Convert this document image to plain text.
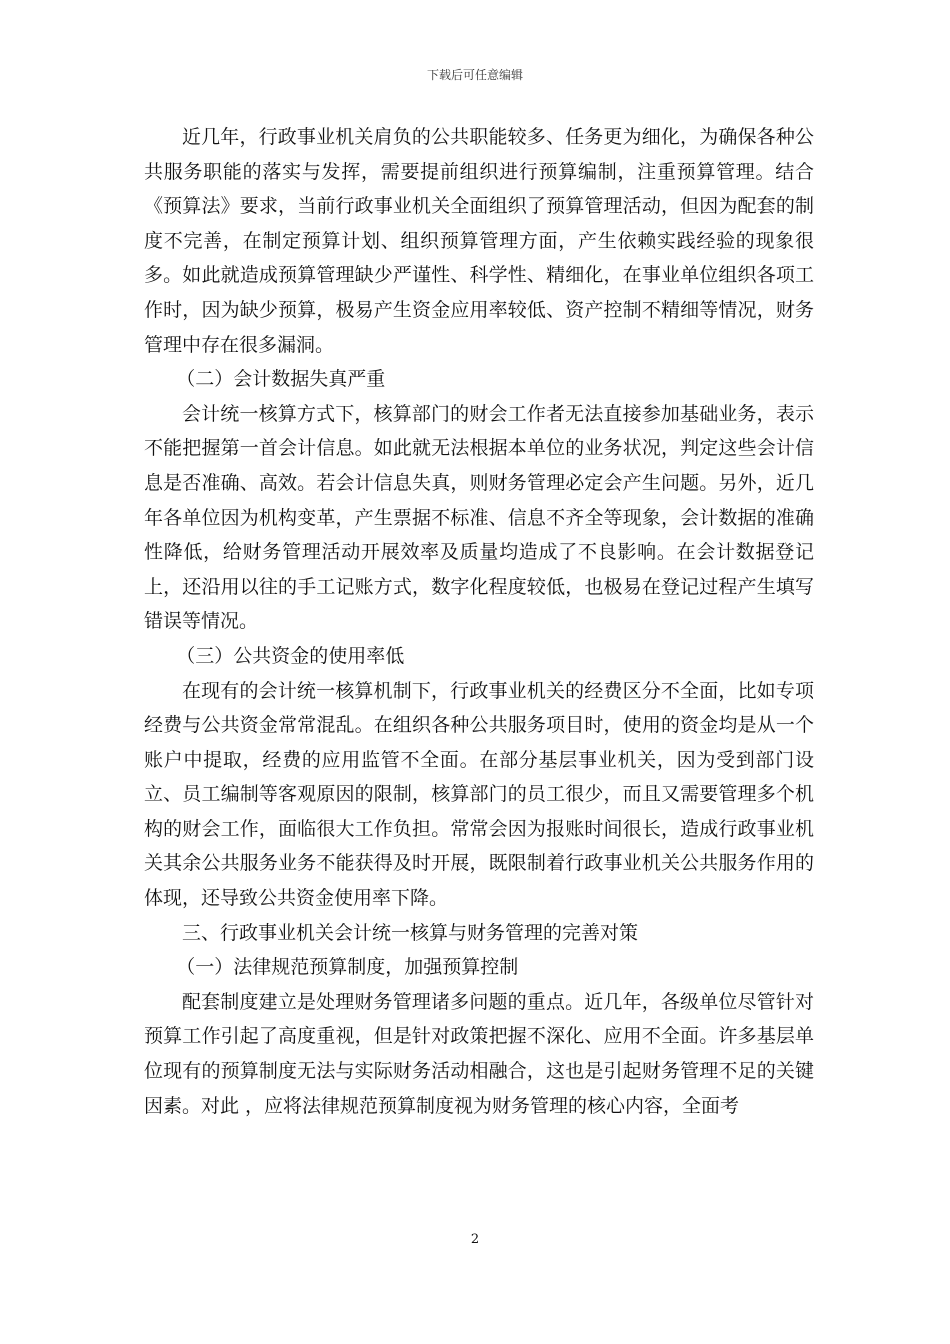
下载后可任意编辑

近几年，行政事业机关肩负的公共职能较多、任务更为细化，为确保各种公共服务职能的落实与发挥，需要提前组织进行预算编制，注重预算管理。结合《预算法》要求，当前行政事业机关全面组织了预算管理活动，但因为配套的制度不完善，在制定预算计划、组织预算管理方面，产生依赖实践经验的现象很多。如此就造成预算管理缺少严谨性、科学性、精细化，在事业单位组织各项工作时，因为缺少预算，极易产生资金应用率较低、资产控制不精细等情况，财务管理中存在很多漏洞。

（二）会计数据失真严重

会计统一核算方式下，核算部门的财会工作者无法直接参加基础业务，表示不能把握第一首会计信息。如此就无法根据本单位的业务状况，判定这些会计信息是否准确、高效。若会计信息失真，则财务管理必定会产生问题。另外，近几年各单位因为机构变革，产生票据不标准、信息不齐全等现象，会计数据的准确性降低，给财务管理活动开展效率及质量均造成了不良影响。在会计数据登记上，还沿用以往的手工记账方式，数字化程度较低，也极易在登记过程产生填写错误等情况。

（三）公共资金的使用率低

在现有的会计统一核算机制下，行政事业机关的经费区分不全面，比如专项经费与公共资金常常混乱。在组织各种公共服务项目时，使用的资金均是从一个账户中提取，经费的应用监管不全面。在部分基层事业机关，因为受到部门设立、员工编制等客观原因的限制，核算部门的员工很少，而且又需要管理多个机构的财会工作，面临很大工作负担。常常会因为报账时间很长，造成行政事业机关其余公共服务业务不能获得及时开展，既限制着行政事业机关公共服务作用的体现，还导致公共资金使用率下降。

三、行政事业机关会计统一核算与财务管理的完善对策

（一）法律规范预算制度，加强预算控制

配套制度建立是处理财务管理诸多问题的重点。近几年，各级单位尽管针对预算工作引起了高度重视，但是针对政策把握不深化、应用不全面。许多基层单位现有的预算制度无法与实际财务活动相融合，这也是引起财务管理不足的关键因素。对此 ，应将法律规范预算制度视为财务管理的核心内容，全面考

2
